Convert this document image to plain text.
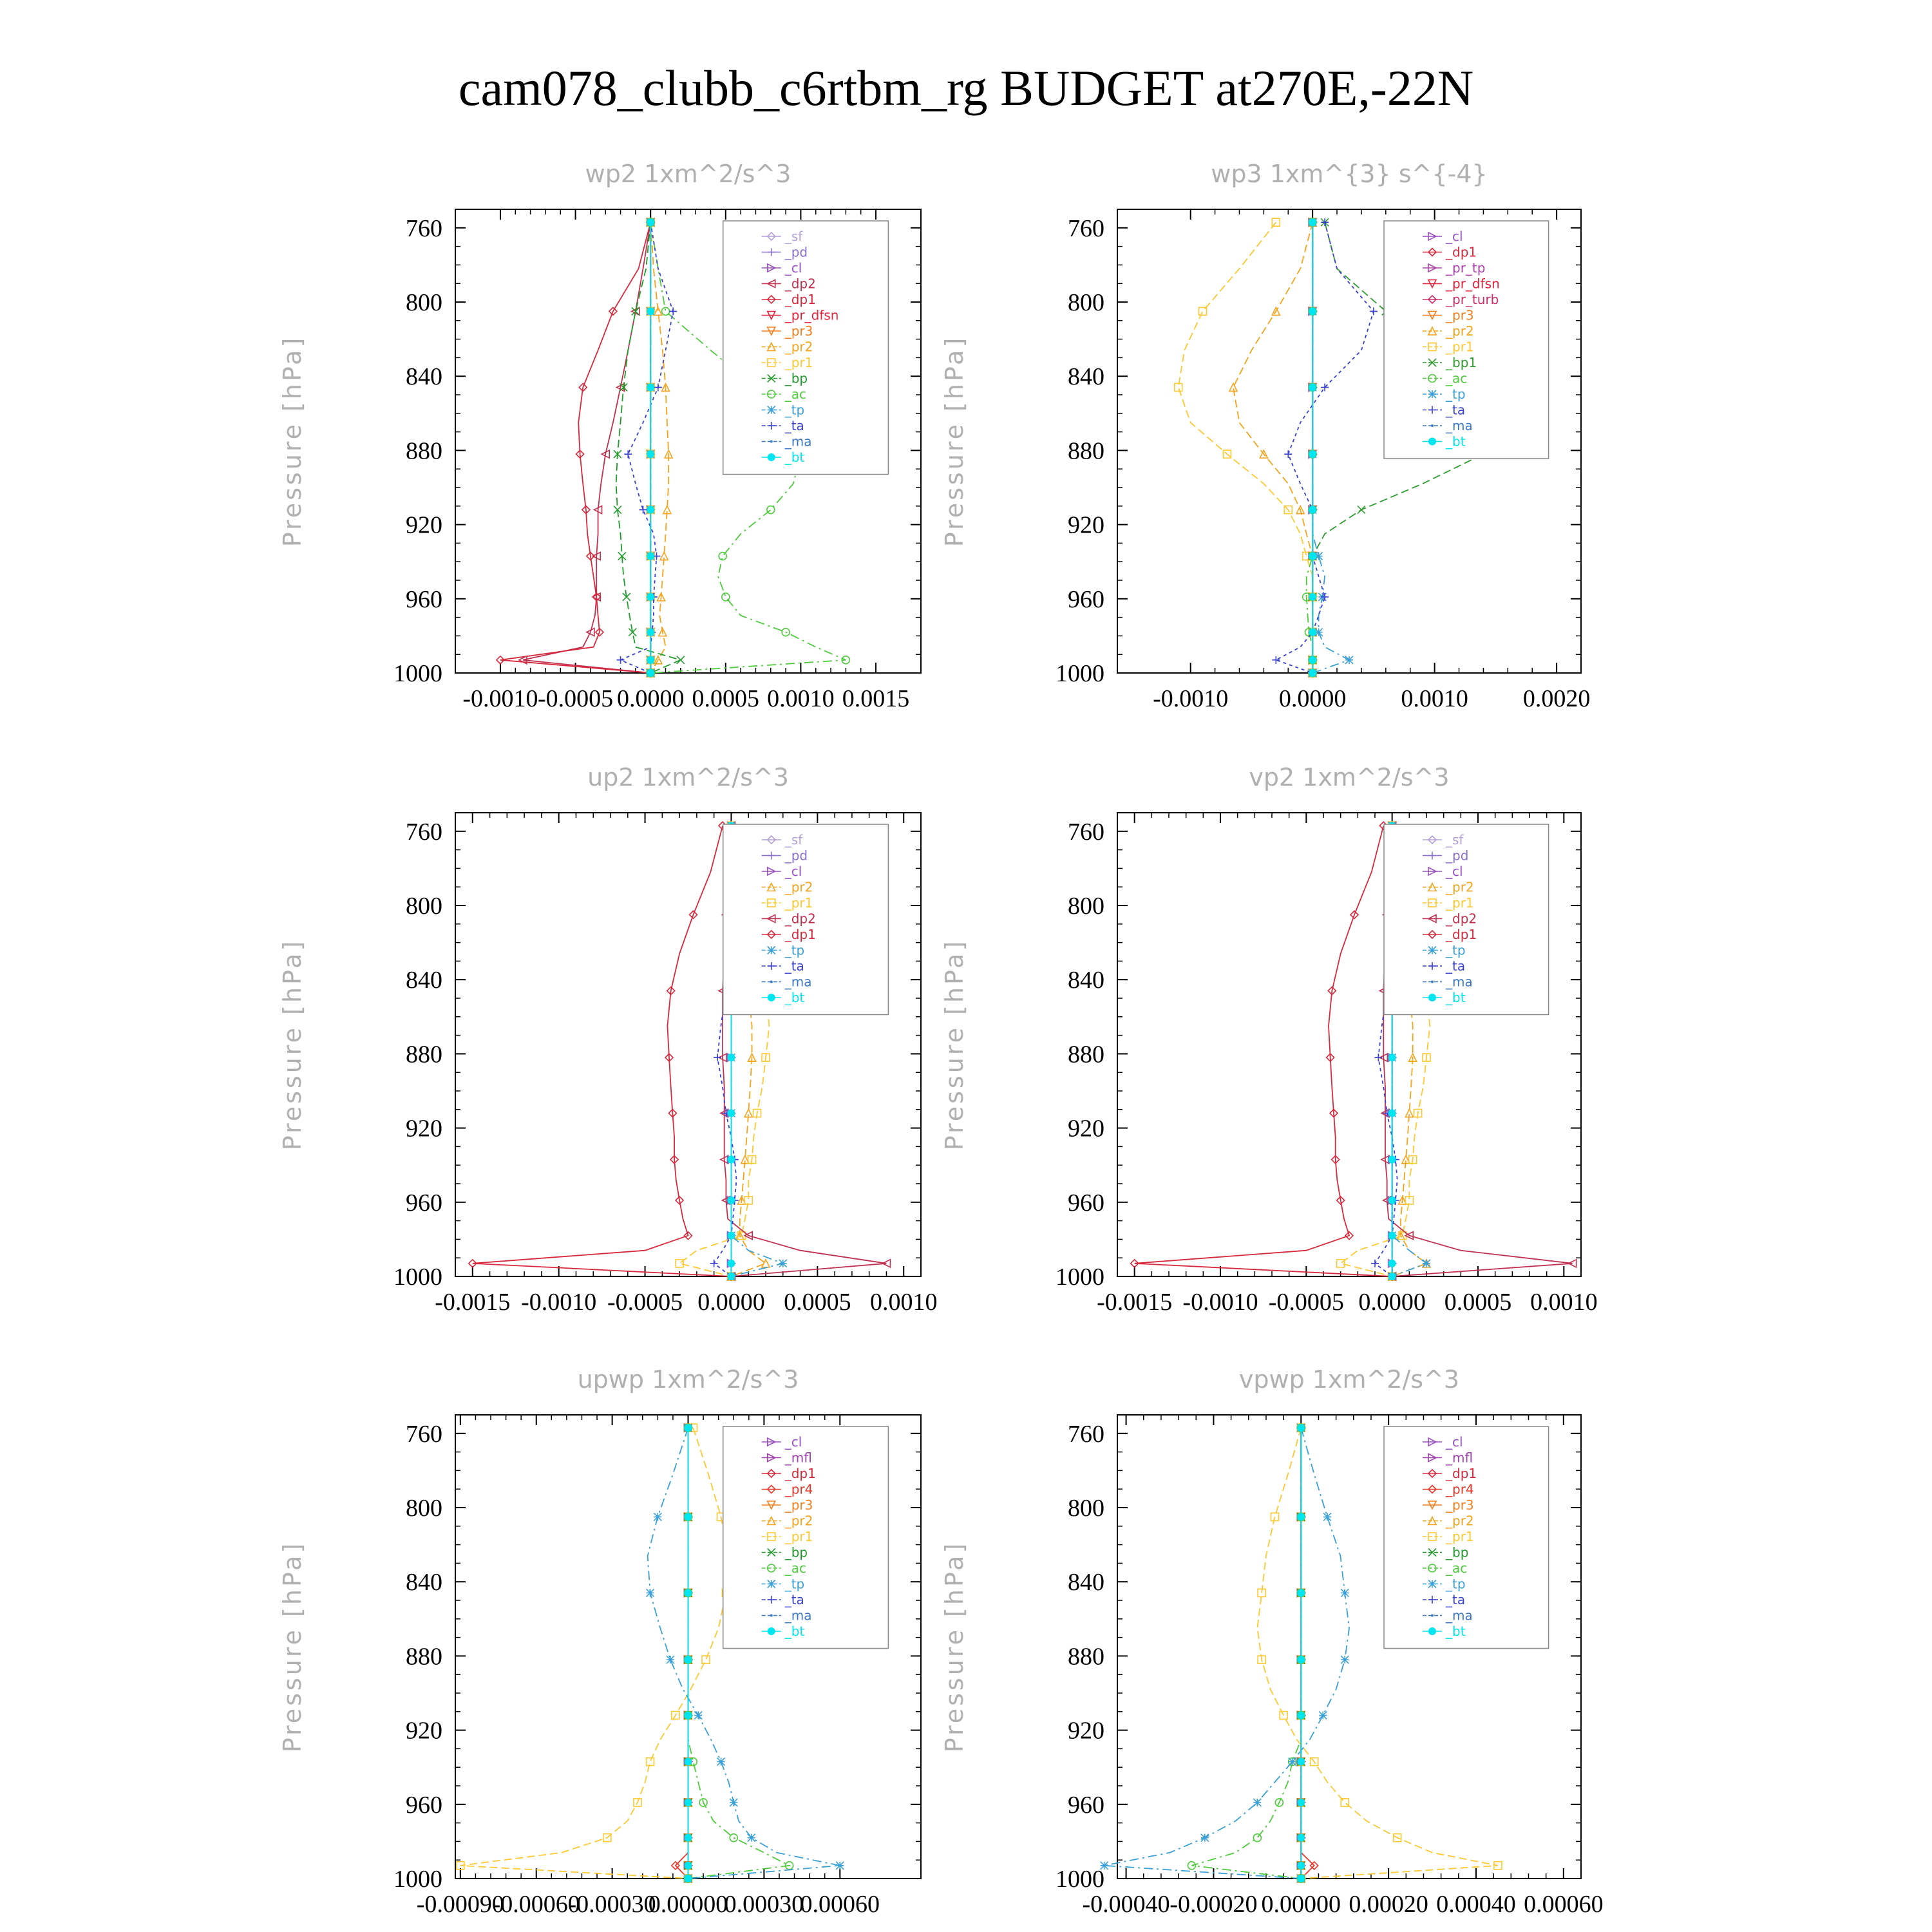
cam078_clubb_c6rtbm_rg BUDGET at270E,-22N
wp2 1xm^2/s^3
Pressure [hPa]
760
800
840
880
920
960
1000
-0.0010 -0.0005 0.0000 0.0005 0.0010 0.0015
_sf
_pd
_cl
_dp2
_dp1
_pr_dfsn
_pr3
_pr2
_pr1
_bp
_ac
_tp
_ta
_ma
_bt
wp3 1xm^{3} s^{-4}
Pressure [hPa]
760
800
840
880
920
960
1000
-0.0010 0.0000 0.0010 0.0020
_cl
_dp1
_pr_tp
_pr_dfsn
_pr_turb
_pr3
_pr2
_pr1
_bp1
_ac
_tp
_ta
_ma
_bt
up2 1xm^2/s^3
Pressure [hPa]
760
800
840
880
920
960
1000
-0.0015 -0.0010 -0.0005 0.0000 0.0005 0.0010
_sf
_pd
_cl
_pr2
_pr1
_dp2
_dp1
_tp
_ta
_ma
_bt
vp2 1xm^2/s^3
Pressure [hPa]
760
800
840
880
920
960
1000
-0.0015 -0.0010 -0.0005 0.0000 0.0005 0.0010
_sf
_pd
_cl
_pr2
_pr1
_dp2
_dp1
_tp
_ta
_ma
_bt
upwp 1xm^2/s^3
Pressure [hPa]
760
800
840
880
920
960
1000
-0.00090
-0.00060
-0.00030
0.00000
0.00030
0.00060
_cl
_mfl
_dp1
_pr4
_pr3
_pr2
_pr1
_bp
_ac
_tp
_ta
_ma
_bt
vpwp 1xm^2/s^3
Pressure [hPa]
760
800
840
880
920
960
1000
-0.00040 -0.00020 0.00000 0.00020 0.00040 0.00060
_cl
_mfl
_dp1
_pr4
_pr3
_pr2
_pr1
_bp
_ac
_tp
_ta
_ma
_bt
